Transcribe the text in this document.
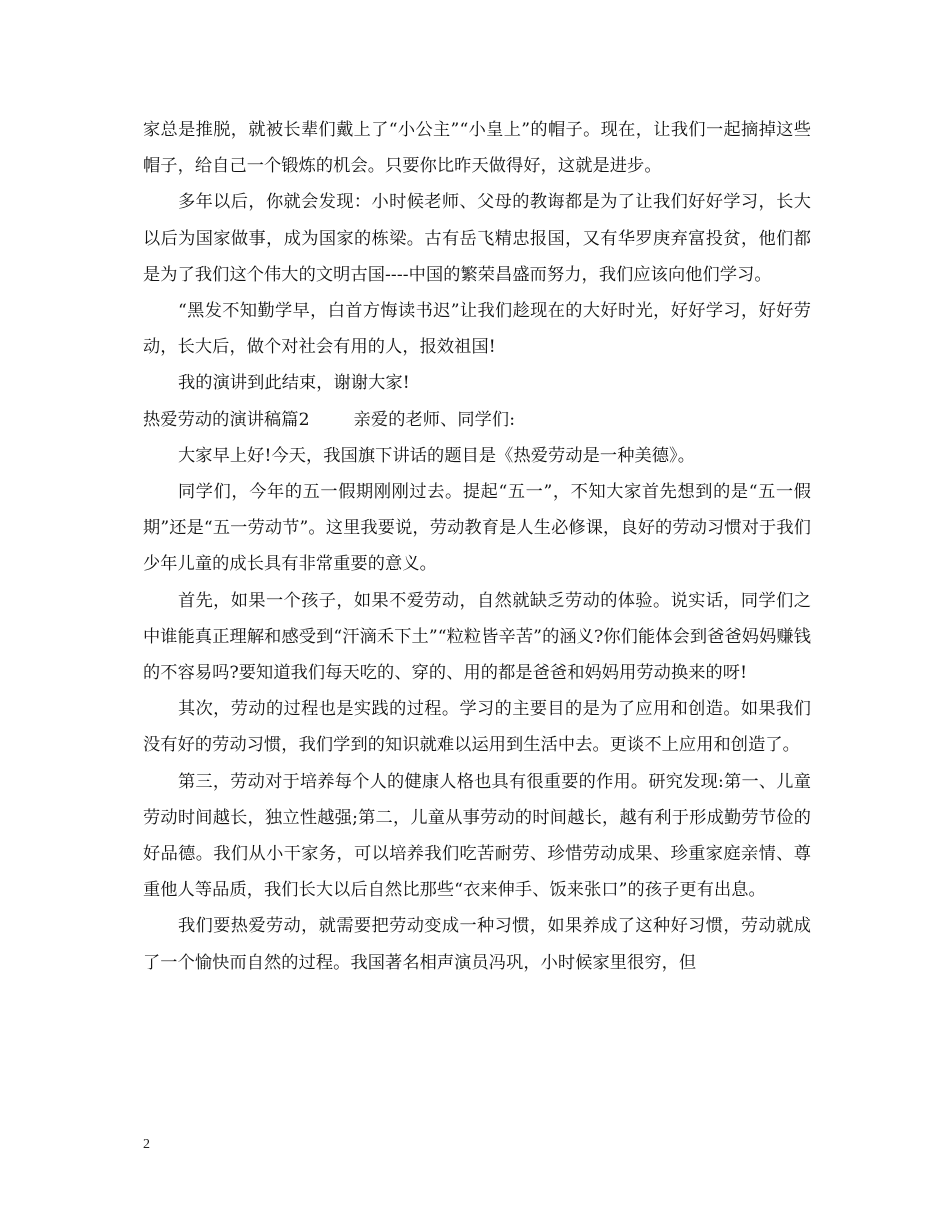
家总是推脱，就被长辈们戴上了“小公主”“小皇上”的帽子。现在，让我们一起摘掉这些帽子，给自己一个锻炼的机会。只要你比昨天做得好，这就是进步。

多年以后，你就会发现：小时候老师、父母的教诲都是为了让我们好好学习，长大以后为国家做事，成为国家的栋梁。古有岳飞精忠报国，又有华罗庚弃富投贫，他们都是为了我们这个伟大的文明古国----中国的繁荣昌盛而努力，我们应该向他们学习。

“黑发不知勤学早，白首方悔读书迟”让我们趁现在的大好时光，好好学习，好好劳动，长大后，做个对社会有用的人，报效祖国!

我的演讲到此结束，谢谢大家!

热爱劳动的演讲稿篇2	亲爱的老师、同学们:

大家早上好!今天，我国旗下讲话的题目是《热爱劳动是一种美德》。

同学们，今年的五一假期刚刚过去。提起“五一”，不知大家首先想到的是“五一假期”还是“五一劳动节”。这里我要说，劳动教育是人生必修课，良好的劳动习惯对于我们少年儿童的成长具有非常重要的意义。

首先，如果一个孩子，如果不爱劳动，自然就缺乏劳动的体验。说实话，同学们之中谁能真正理解和感受到“汗滴禾下土”“粒粒皆辛苦”的涵义?你们能体会到爸爸妈妈赚钱的不容易吗?要知道我们每天吃的、穿的、用的都是爸爸和妈妈用劳动换来的呀!

其次，劳动的过程也是实践的过程。学习的主要目的是为了应用和创造。如果我们没有好的劳动习惯，我们学到的知识就难以运用到生活中去。更谈不上应用和创造了。

第三，劳动对于培养每个人的健康人格也具有很重要的作用。研究发现:第一、儿童劳动时间越长，独立性越强;第二，儿童从事劳动的时间越长，越有利于形成勤劳节俭的好品德。我们从小干家务，可以培养我们吃苦耐劳、珍惜劳动成果、珍重家庭亲情、尊重他人等品质，我们长大以后自然比那些“衣来伸手、饭来张口”的孩子更有出息。

我们要热爱劳动，就需要把劳动变成一种习惯，如果养成了这种好习惯，劳动就成了一个愉快而自然的过程。我国著名相声演员冯巩，小时候家里很穷，但

2
